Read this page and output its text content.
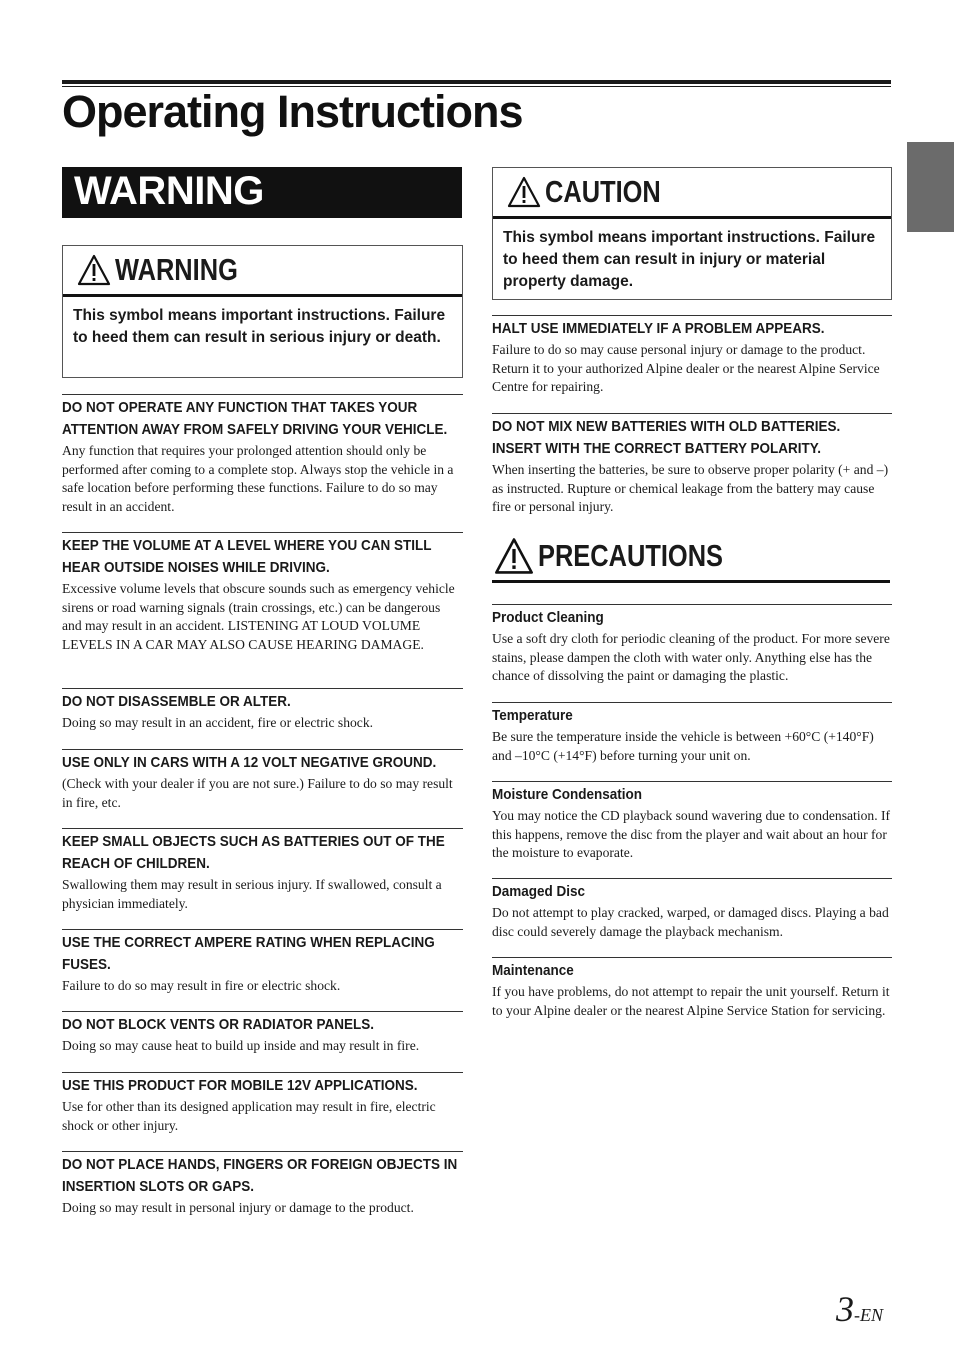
Operating Instructions
WARNING
WARNING
This symbol means important instructions. Failure to heed them can result in serious injury or death.
CAUTION
This symbol means important instructions. Failure to heed them can result in injury or material property damage.
DO NOT OPERATE ANY FUNCTION THAT TAKES YOUR ATTENTION AWAY FROM SAFELY DRIVING YOUR VEHICLE.
Any function that requires your prolonged attention should only be performed after coming to a complete stop. Always stop the vehicle in a safe location before performing these functions. Failure to do so may result in an accident.
KEEP THE VOLUME AT A LEVEL WHERE YOU CAN STILL HEAR OUTSIDE NOISES WHILE DRIVING.
Excessive volume levels that obscure sounds such as emergency vehicle sirens or road warning signals (train crossings, etc.) can be dangerous and may result in an accident. LISTENING AT LOUD VOLUME LEVELS IN A CAR MAY ALSO CAUSE HEARING DAMAGE.
DO NOT DISASSEMBLE OR ALTER.
Doing so may result in an accident, fire or electric shock.
USE ONLY IN CARS WITH A 12 VOLT NEGATIVE GROUND.
(Check with your dealer if you are not sure.) Failure to do so may result in fire, etc.
KEEP SMALL OBJECTS SUCH AS BATTERIES OUT OF THE REACH OF CHILDREN.
Swallowing them may result in serious injury. If swallowed, consult a physician immediately.
USE THE CORRECT AMPERE RATING WHEN REPLACING FUSES.
Failure to do so may result in fire or electric shock.
DO NOT BLOCK VENTS OR RADIATOR PANELS.
Doing so may cause heat to build up inside and may result in fire.
USE THIS PRODUCT FOR MOBILE 12V APPLICATIONS.
Use for other than its designed application may result in fire, electric shock or other injury.
DO NOT PLACE HANDS, FINGERS OR FOREIGN OBJECTS IN INSERTION SLOTS OR GAPS.
Doing so may result in personal injury or damage to the product.
HALT USE IMMEDIATELY IF A PROBLEM APPEARS.
Failure to do so may cause personal injury or damage to the product. Return it to your authorized Alpine dealer or the nearest Alpine Service Centre for repairing.
DO NOT MIX NEW BATTERIES WITH OLD BATTERIES. INSERT WITH THE CORRECT BATTERY POLARITY.
When inserting the batteries, be sure to observe proper polarity (+ and –) as instructed. Rupture or chemical leakage from the battery may cause fire or personal injury.
PRECAUTIONS
Product Cleaning
Use a soft dry cloth for periodic cleaning of the product. For more severe stains, please dampen the cloth with water only. Anything else has the chance of dissolving the paint or damaging the plastic.
Temperature
Be sure the temperature inside the vehicle is between +60°C (+140°F) and –10°C (+14°F) before turning your unit on.
Moisture Condensation
You may notice the CD playback sound wavering due to condensation. If this happens, remove the disc from the player and wait about an hour for the moisture to evaporate.
Damaged Disc
Do not attempt to play cracked, warped, or damaged discs. Playing a bad disc could severely damage the playback mechanism.
Maintenance
If you have problems, do not attempt to repair the unit yourself. Return it to your Alpine dealer or the nearest Alpine Service Station for servicing.
3-EN
